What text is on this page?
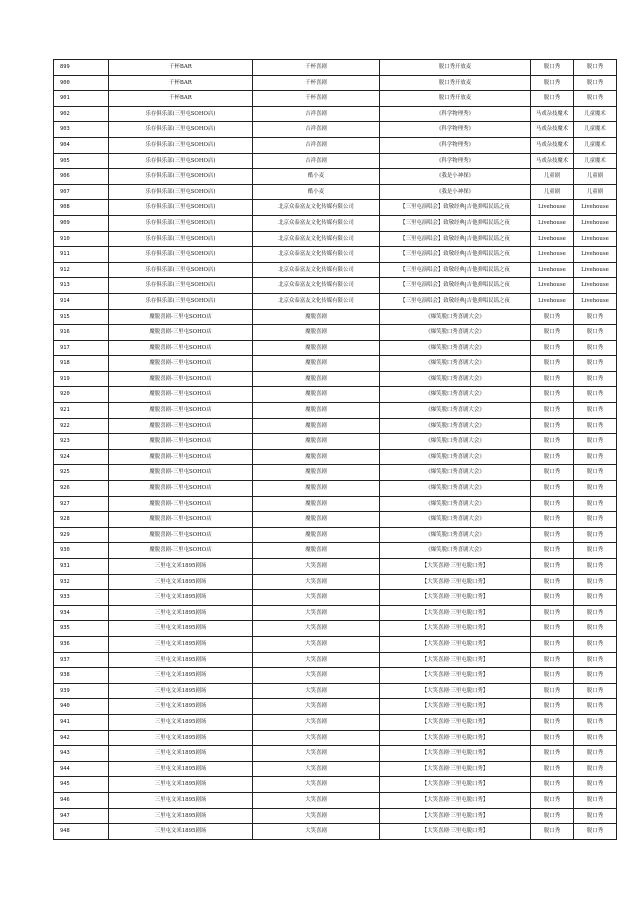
899	千杯BAR	千杯喜剧	脱口秀开放麦	脱口秀	脱口秀	
900	千杯BAR	千杯喜剧	脱口秀开放麦	脱口秀	脱口秀	
901	千杯BAR	千杯喜剧	脱口秀开放麦	脱口秀	脱口秀	
902	乐存俱乐部(三里屯SOHO店)	吉祥喜剧	《科学物理秀》	马戏杂技魔术	儿童魔术	
903	乐存俱乐部(三里屯SOHO店)	吉祥喜剧	《科学物理秀》	马戏杂技魔术	儿童魔术	
904	乐存俱乐部(三里屯SOHO店)	吉祥喜剧	《科学物理秀》	马戏杂技魔术	儿童魔术	
905	乐存俱乐部(三里屯SOHO店)	吉祥喜剧	《科学物理秀》	马戏杂技魔术	儿童魔术	
906	乐存俱乐部(三里屯SOHO店)	酷小麦	《我是小神探》	儿童剧	儿童剧	
907	乐存俱乐部(三里屯SOHO店)	酷小麦	《我是小神探》	儿童剧	儿童剧	
908	乐存俱乐部(三里屯SOHO店)	北京众泰富友文化传媒有限公司	【三里屯演唱会】致敬经典|吉他弹唱民谣之夜	Livehouse	Livehouse	
909	乐存俱乐部(三里屯SOHO店)	北京众泰富友文化传媒有限公司	【三里屯演唱会】致敬经典|吉他弹唱民谣之夜	Livehouse	Livehouse	
910	乐存俱乐部(三里屯SOHO店)	北京众泰富友文化传媒有限公司	【三里屯演唱会】致敬经典|吉他弹唱民谣之夜	Livehouse	Livehouse	
911	乐存俱乐部(三里屯SOHO店)	北京众泰富友文化传媒有限公司	【三里屯演唱会】致敬经典|吉他弹唱民谣之夜	Livehouse	Livehouse	
912	乐存俱乐部(三里屯SOHO店)	北京众泰富友文化传媒有限公司	【三里屯演唱会】致敬经典|吉他弹唱民谣之夜	Livehouse	Livehouse	
913	乐存俱乐部(三里屯SOHO店)	北京众泰富友文化传媒有限公司	【三里屯演唱会】致敬经典|吉他弹唱民谣之夜	Livehouse	Livehouse	
914	乐存俱乐部(三里屯SOHO店)	北京众泰富友文化传媒有限公司	【三里屯演唱会】致敬经典|吉他弹唱民谣之夜	Livehouse	Livehouse	
915	魔脱喜剧-三里屯SOHO店	魔脱喜剧	《爆笑脱口秀喜剧大会》	脱口秀	脱口秀	
916	魔脱喜剧-三里屯SOHO店	魔脱喜剧	《爆笑脱口秀喜剧大会》	脱口秀	脱口秀	
917	魔脱喜剧-三里屯SOHO店	魔脱喜剧	《爆笑脱口秀喜剧大会》	脱口秀	脱口秀	
918	魔脱喜剧-三里屯SOHO店	魔脱喜剧	《爆笑脱口秀喜剧大会》	脱口秀	脱口秀	
919	魔脱喜剧-三里屯SOHO店	魔脱喜剧	《爆笑脱口秀喜剧大会》	脱口秀	脱口秀	
920	魔脱喜剧-三里屯SOHO店	魔脱喜剧	《爆笑脱口秀喜剧大会》	脱口秀	脱口秀	
921	魔脱喜剧-三里屯SOHO店	魔脱喜剧	《爆笑脱口秀喜剧大会》	脱口秀	脱口秀	
922	魔脱喜剧-三里屯SOHO店	魔脱喜剧	《爆笑脱口秀喜剧大会》	脱口秀	脱口秀	
923	魔脱喜剧-三里屯SOHO店	魔脱喜剧	《爆笑脱口秀喜剧大会》	脱口秀	脱口秀	
924	魔脱喜剧-三里屯SOHO店	魔脱喜剧	《爆笑脱口秀喜剧大会》	脱口秀	脱口秀	
925	魔脱喜剧-三里屯SOHO店	魔脱喜剧	《爆笑脱口秀喜剧大会》	脱口秀	脱口秀	
926	魔脱喜剧-三里屯SOHO店	魔脱喜剧	《爆笑脱口秀喜剧大会》	脱口秀	脱口秀	
927	魔脱喜剧-三里屯SOHO店	魔脱喜剧	《爆笑脱口秀喜剧大会》	脱口秀	脱口秀	
928	魔脱喜剧-三里屯SOHO店	魔脱喜剧	《爆笑脱口秀喜剧大会》	脱口秀	脱口秀	
929	魔脱喜剧-三里屯SOHO店	魔脱喜剧	《爆笑脱口秀喜剧大会》	脱口秀	脱口秀	
930	魔脱喜剧-三里屯SOHO店	魔脱喜剧	《爆笑脱口秀喜剧大会》	脱口秀	脱口秀	
931	三里屯文米1895剧场	大笑喜剧	【大笑喜剧·三里屯脱口秀】	脱口秀	脱口秀	
932	三里屯文米1895剧场	大笑喜剧	【大笑喜剧·三里屯脱口秀】	脱口秀	脱口秀	
933	三里屯文米1895剧场	大笑喜剧	【大笑喜剧·三里屯脱口秀】	脱口秀	脱口秀	
934	三里屯文米1895剧场	大笑喜剧	【大笑喜剧·三里屯脱口秀】	脱口秀	脱口秀	
935	三里屯文米1895剧场	大笑喜剧	【大笑喜剧·三里屯脱口秀】	脱口秀	脱口秀	
936	三里屯文米1895剧场	大笑喜剧	【大笑喜剧·三里屯脱口秀】	脱口秀	脱口秀	
937	三里屯文米1895剧场	大笑喜剧	【大笑喜剧·三里屯脱口秀】	脱口秀	脱口秀	
938	三里屯文米1895剧场	大笑喜剧	【大笑喜剧·三里屯脱口秀】	脱口秀	脱口秀	
939	三里屯文米1895剧场	大笑喜剧	【大笑喜剧·三里屯脱口秀】	脱口秀	脱口秀	
940	三里屯文米1895剧场	大笑喜剧	【大笑喜剧·三里屯脱口秀】	脱口秀	脱口秀	
941	三里屯文米1895剧场	大笑喜剧	【大笑喜剧·三里屯脱口秀】	脱口秀	脱口秀	
942	三里屯文米1895剧场	大笑喜剧	【大笑喜剧·三里屯脱口秀】	脱口秀	脱口秀	
943	三里屯文米1895剧场	大笑喜剧	【大笑喜剧·三里屯脱口秀】	脱口秀	脱口秀	
944	三里屯文米1895剧场	大笑喜剧	【大笑喜剧·三里屯脱口秀】	脱口秀	脱口秀	
945	三里屯文米1895剧场	大笑喜剧	【大笑喜剧·三里屯脱口秀】	脱口秀	脱口秀	
946	三里屯文米1895剧场	大笑喜剧	【大笑喜剧·三里屯脱口秀】	脱口秀	脱口秀	
947	三里屯文米1895剧场	大笑喜剧	【大笑喜剧·三里屯脱口秀】	脱口秀	脱口秀	
948	三里屯文米1895剧场	大笑喜剧	【大笑喜剧·三里屯脱口秀】	脱口秀	脱口秀	
